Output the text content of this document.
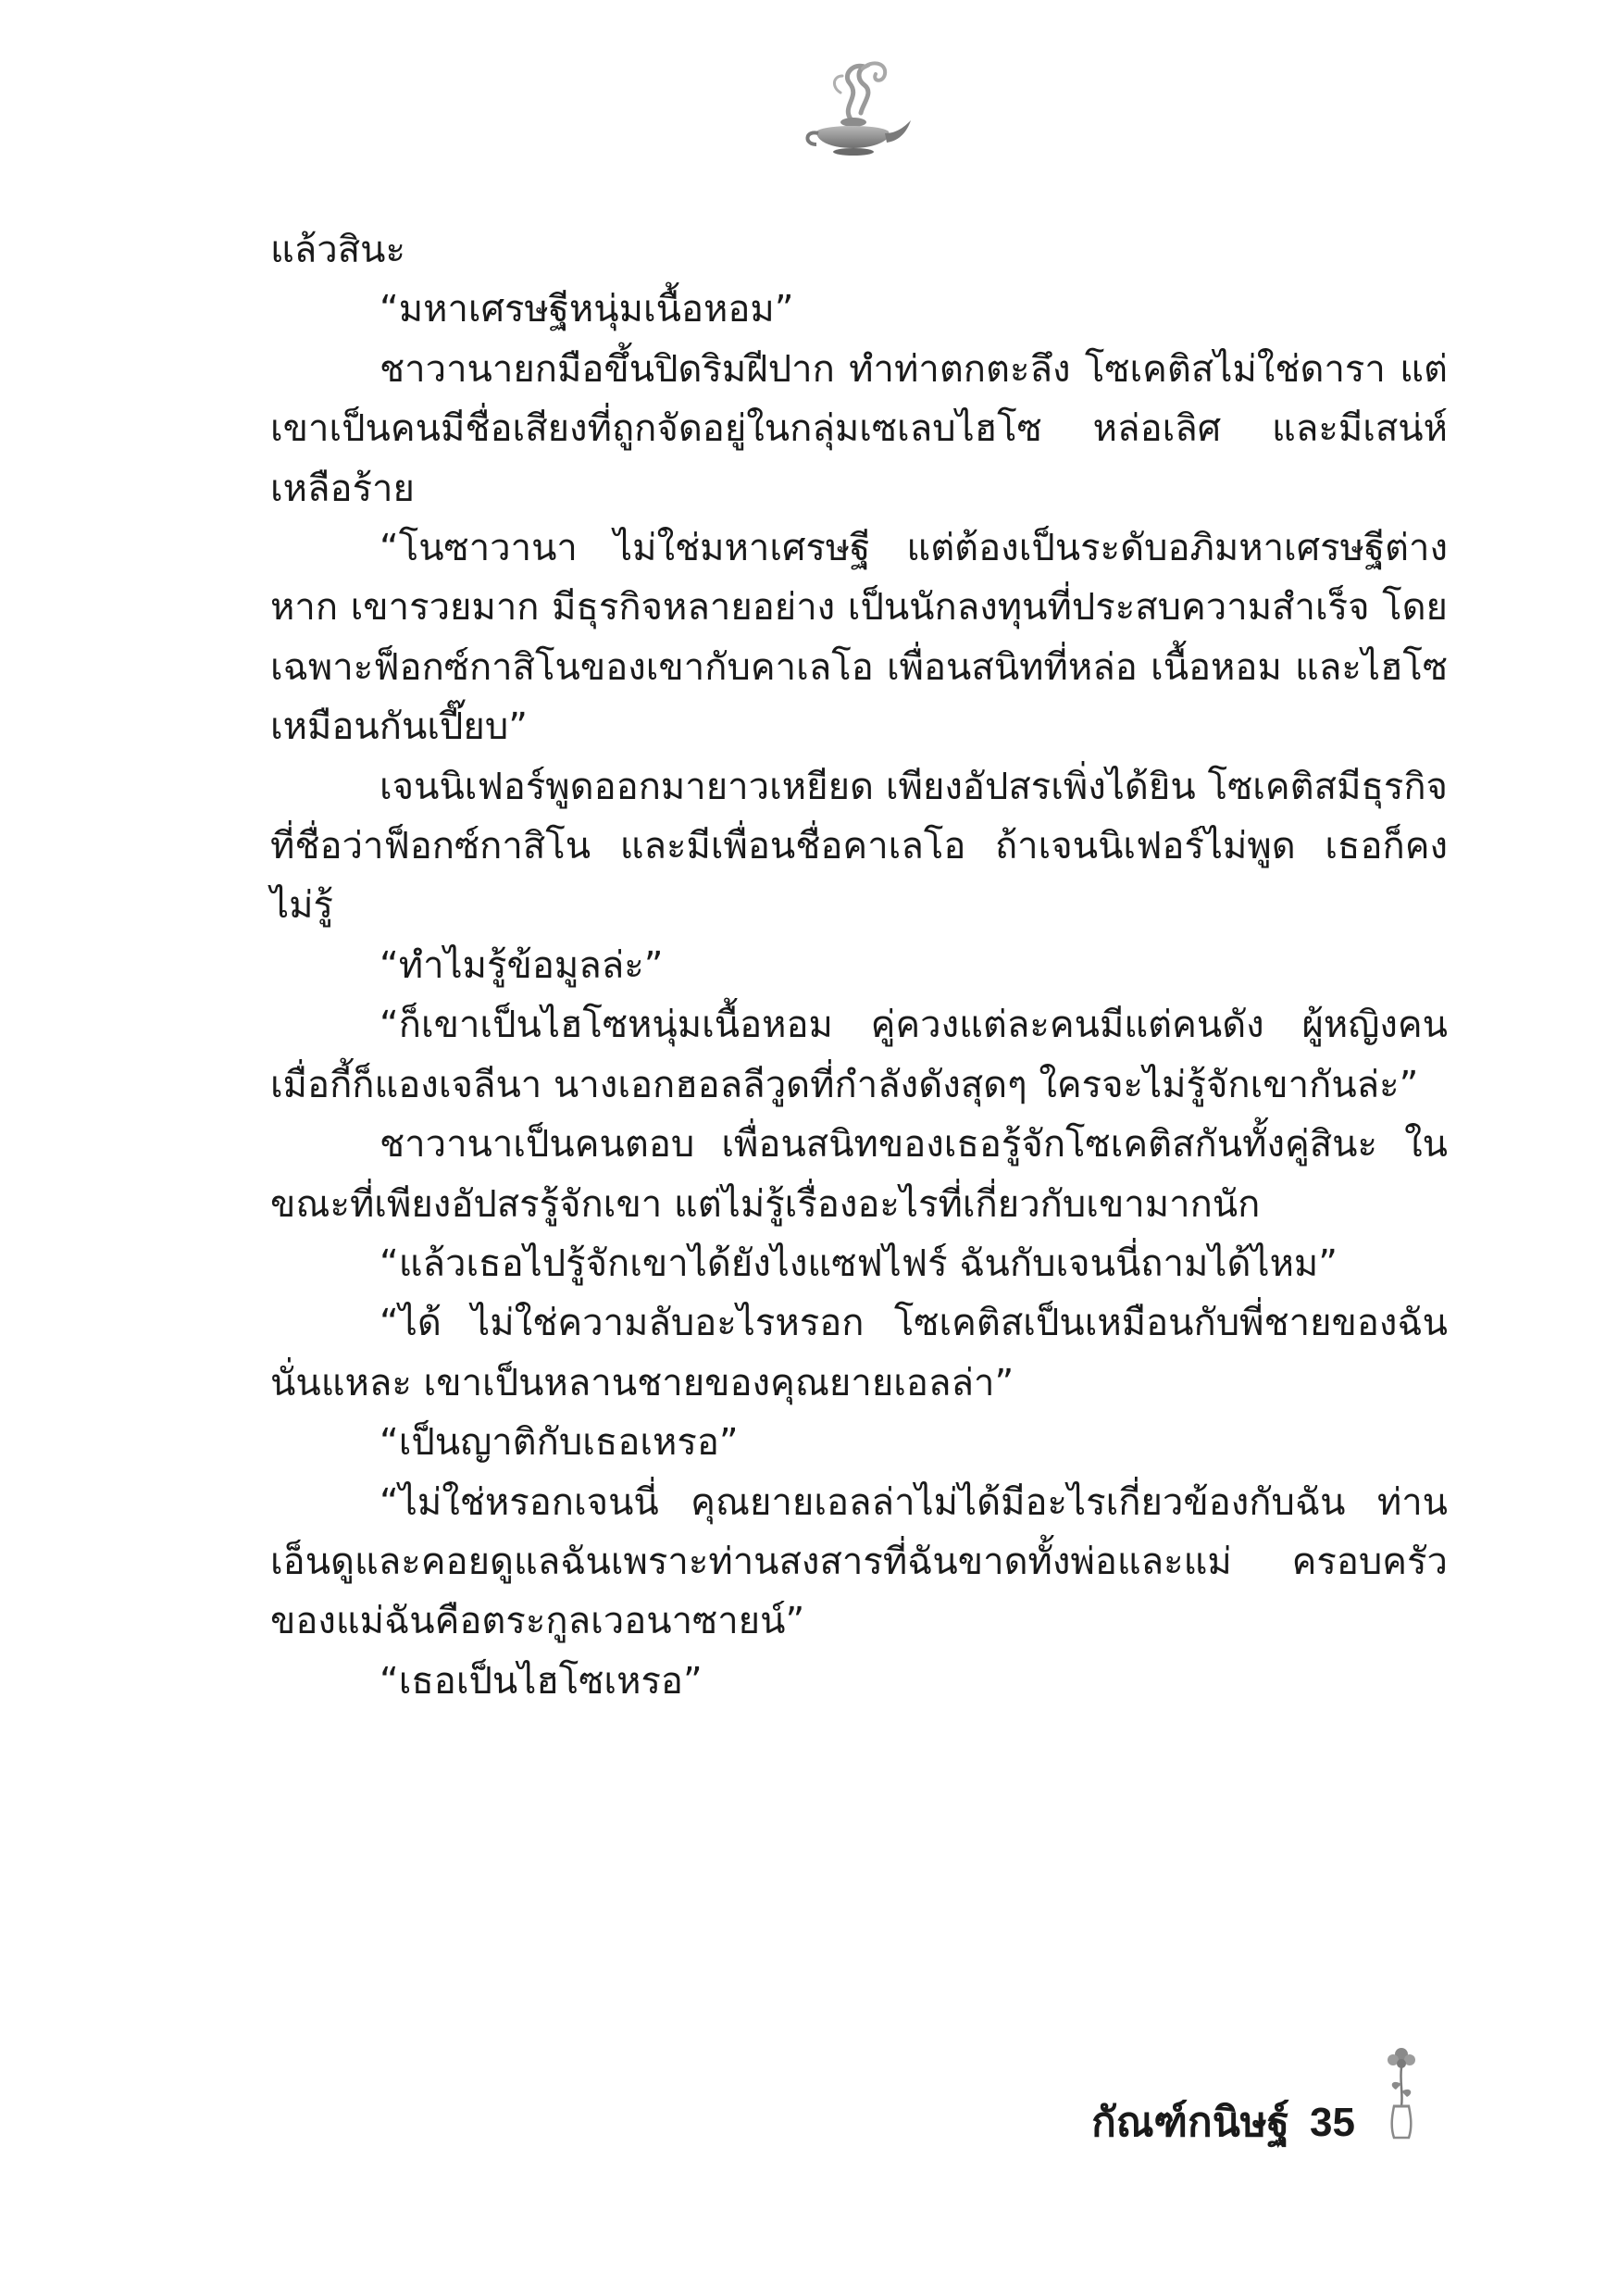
แล้วสินะ

“มหาเศรษฐีหนุ่มเนื้อหอม”

ชาวานายกมือขึ้นปิดริมฝีปาก ทำท่าตกตะลึง โซเคติสไม่ใช่ดารา แต่เขาเป็นคนมีชื่อเสียงที่ถูกจัดอยู่ในกลุ่มเซเลบไฮโซ หล่อเลิศ และมีเสน่ห์เหลือร้าย

“โนซาวานา ไม่ใช่มหาเศรษฐี แต่ต้องเป็นระดับอภิมหาเศรษฐีต่างหาก เขารวยมาก มีธุรกิจหลายอย่าง เป็นนักลงทุนที่ประสบความสำเร็จ โดยเฉพาะฟ็อกซ์กาสิโนของเขากับคาเลโอ เพื่อนสนิทที่หล่อ เนื้อหอม และไฮโซเหมือนกันเปี๊ยบ”

เจนนิเฟอร์พูดออกมายาวเหยียด เพียงอัปสรเพิ่งได้ยิน โซเคติสมีธุรกิจที่ชื่อว่าฟ็อกซ์กาสิโน และมีเพื่อนชื่อคาเลโอ ถ้าเจนนิเฟอร์ไม่พูด เธอก็คงไม่รู้

“ทำไมรู้ข้อมูลล่ะ”

“ก็เขาเป็นไฮโซหนุ่มเนื้อหอม คู่ควงแต่ละคนมีแต่คนดัง ผู้หญิงคนเมื่อกี้ก็แองเจลีนา นางเอกฮอลลีวูดที่กำลังดังสุดๆ ใครจะไม่รู้จักเขากันล่ะ”

ชาวานาเป็นคนตอบ เพื่อนสนิทของเธอรู้จักโซเคติสกันทั้งคู่สินะ ในขณะที่เพียงอัปสรรู้จักเขา แต่ไม่รู้เรื่องอะไรที่เกี่ยวกับเขามากนัก

“แล้วเธอไปรู้จักเขาได้ยังไงแซฟไฟร์ ฉันกับเจนนี่ถามได้ไหม”

“ได้ ไม่ใช่ความลับอะไรหรอก โซเคติสเป็นเหมือนกับพี่ชายของฉันนั่นแหละ เขาเป็นหลานชายของคุณยายเอลล่า”

“เป็นญาติกับเธอเหรอ”

“ไม่ใช่หรอกเจนนี่ คุณยายเอลล่าไม่ได้มีอะไรเกี่ยวข้องกับฉัน ท่านเอ็นดูและคอยดูแลฉันเพราะท่านสงสารที่ฉันขาดทั้งพ่อและแม่ ครอบครัวของแม่ฉันคือตระกูลเวอนาซายน์”

“เธอเป็นไฮโซเหรอ”

กัณฑ์กนิษฐ์ 35
